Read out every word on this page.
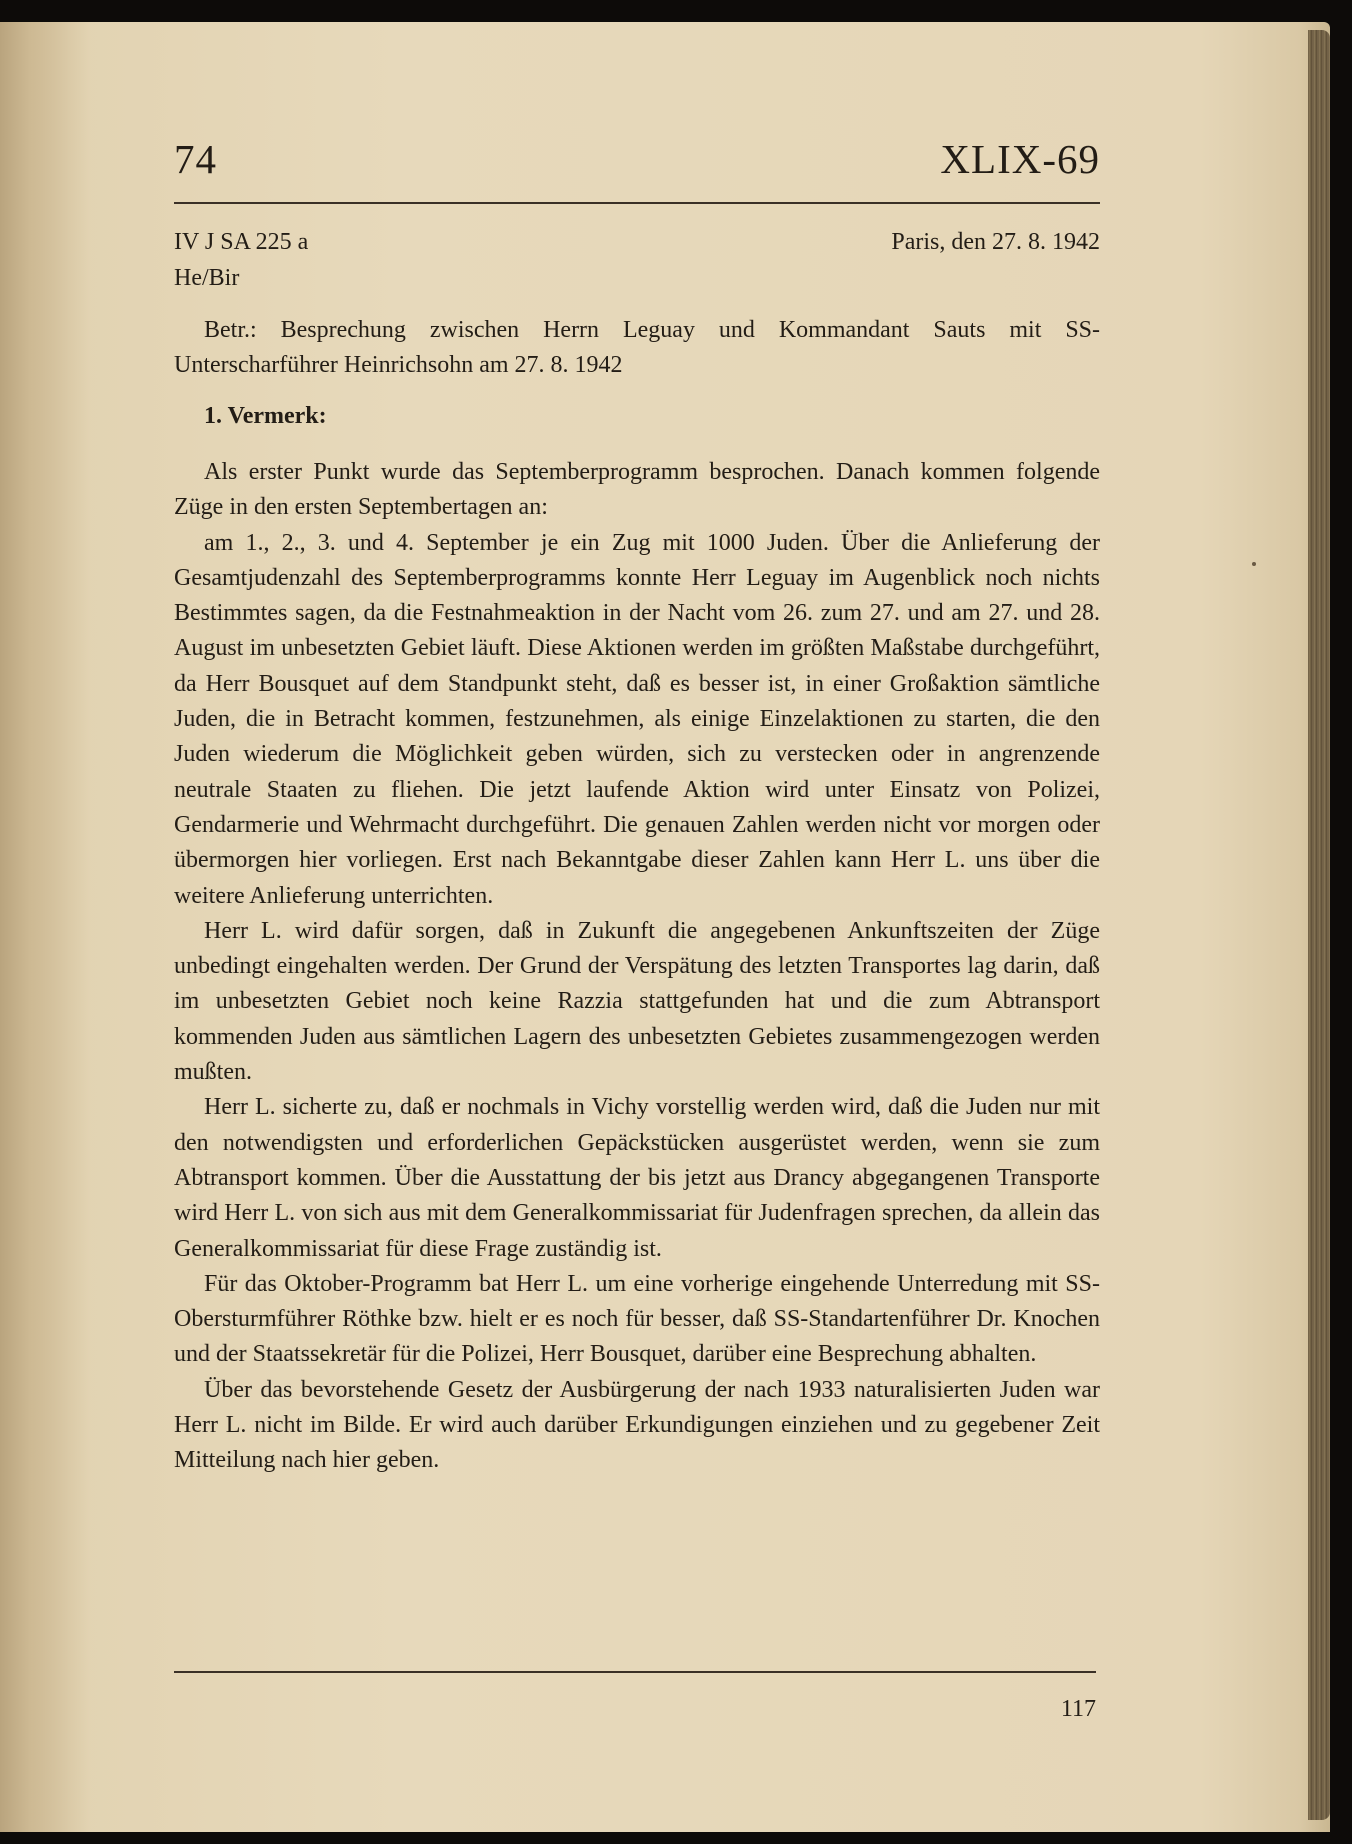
74	XLIX-69
IV J SA 225 a
He/Bir
Paris, den 27. 8. 1942
Betr.: Besprechung zwischen Herrn Leguay und Kommandant Sauts mit SS-Unterscharführer Heinrichsohn am 27. 8. 1942
1. Vermerk:

Als erster Punkt wurde das Septemberprogramm besprochen. Danach kommen folgende Züge in den ersten Septembertagen an:

am 1., 2., 3. und 4. September je ein Zug mit 1000 Juden. Über die Anlieferung der Gesamtjudenzahl des Septemberprogramms konnte Herr Leguay im Augenblick noch nichts Bestimmtes sagen, da die Festnahmeaktion in der Nacht vom 26. zum 27. und am 27. und 28. August im unbesetzten Gebiet läuft. Diese Aktionen werden im größten Maßstabe durchgeführt, da Herr Bousquet auf dem Standpunkt steht, daß es besser ist, in einer Großaktion sämtliche Juden, die in Betracht kommen, festzunehmen, als einige Einzelaktionen zu starten, die den Juden wiederum die Möglichkeit geben würden, sich zu verstecken oder in angrenzende neutrale Staaten zu fliehen. Die jetzt laufende Aktion wird unter Einsatz von Polizei, Gendarmerie und Wehrmacht durchgeführt. Die genauen Zahlen werden nicht vor morgen oder übermorgen hier vorliegen. Erst nach Bekanntgabe dieser Zahlen kann Herr L. uns über die weitere Anlieferung unterrichten.

Herr L. wird dafür sorgen, daß in Zukunft die angegebenen Ankunftszeiten der Züge unbedingt eingehalten werden. Der Grund der Verspätung des letzten Transportes lag darin, daß im unbesetzten Gebiet noch keine Razzia stattgefunden hat und die zum Abtransport kommenden Juden aus sämtlichen Lagern des unbesetzten Gebietes zusammengezogen werden mußten.

Herr L. sicherte zu, daß er nochmals in Vichy vorstellig werden wird, daß die Juden nur mit den notwendigsten und erforderlichen Gepäckstücken ausgerüstet werden, wenn sie zum Abtransport kommen. Über die Ausstattung der bis jetzt aus Drancy abgegangenen Transporte wird Herr L. von sich aus mit dem Generalkommissariat für Judenfragen sprechen, da allein das Generalkommissariat für diese Frage zuständig ist.

Für das Oktober-Programm bat Herr L. um eine vorherige eingehende Unterredung mit SS-Obersturmführer Röthke bzw. hielt er es noch für besser, daß SS-Standartenführer Dr. Knochen und der Staatssekretär für die Polizei, Herr Bousquet, darüber eine Besprechung abhalten.

Über das bevorstehende Gesetz der Ausbürgerung der nach 1933 naturalisierten Juden war Herr L. nicht im Bilde. Er wird auch darüber Erkundigungen einziehen und zu gegebener Zeit Mitteilung nach hier geben.

117
